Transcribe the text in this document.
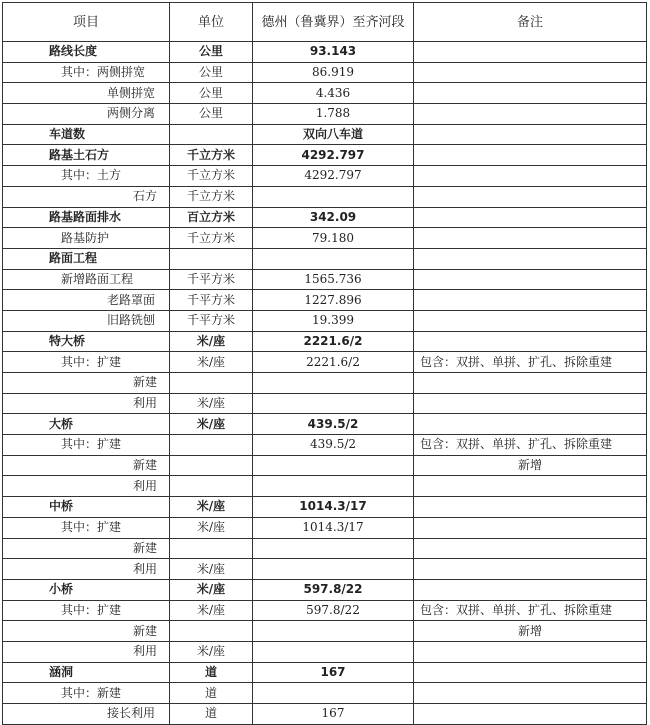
项目	单位	德州（鲁冀界）至齐河段	备注
路线长度	公里	93.143	
其中：两侧拼宽	公里	86.919	
单侧拼宽	公里	4.436	
两侧分离	公里	1.788	
车道数		双向八车道	
路基土石方	千立方米	4292.797	
其中：土方	千立方米	4292.797	
石方	千立方米		
路基路面排水	百立方米	342.09	
路基防护	千立方米	79.180	
路面工程			
新增路面工程	千平方米	1565.736	
老路罩面	千平方米	1227.896	
旧路铣刨	千平方米	19.399	
特大桥	米/座	2221.6/2	
其中：扩建	米/座	2221.6/2	包含：双拼、单拼、扩孔、拆除重建
新建			
利用	米/座		
大桥	米/座	439.5/2	
其中：扩建		439.5/2	包含：双拼、单拼、扩孔、拆除重建
新建			新增
利用			
中桥	米/座	1014.3/17	
其中：扩建	米/座	1014.3/17	
新建			
利用	米/座		
小桥	米/座	597.8/22	
其中：扩建	米/座	597.8/22	包含：双拼、单拼、扩孔、拆除重建
新建			新增
利用	米/座		
涵洞	道	167	
其中：新建	道		
接长利用	道	167	
